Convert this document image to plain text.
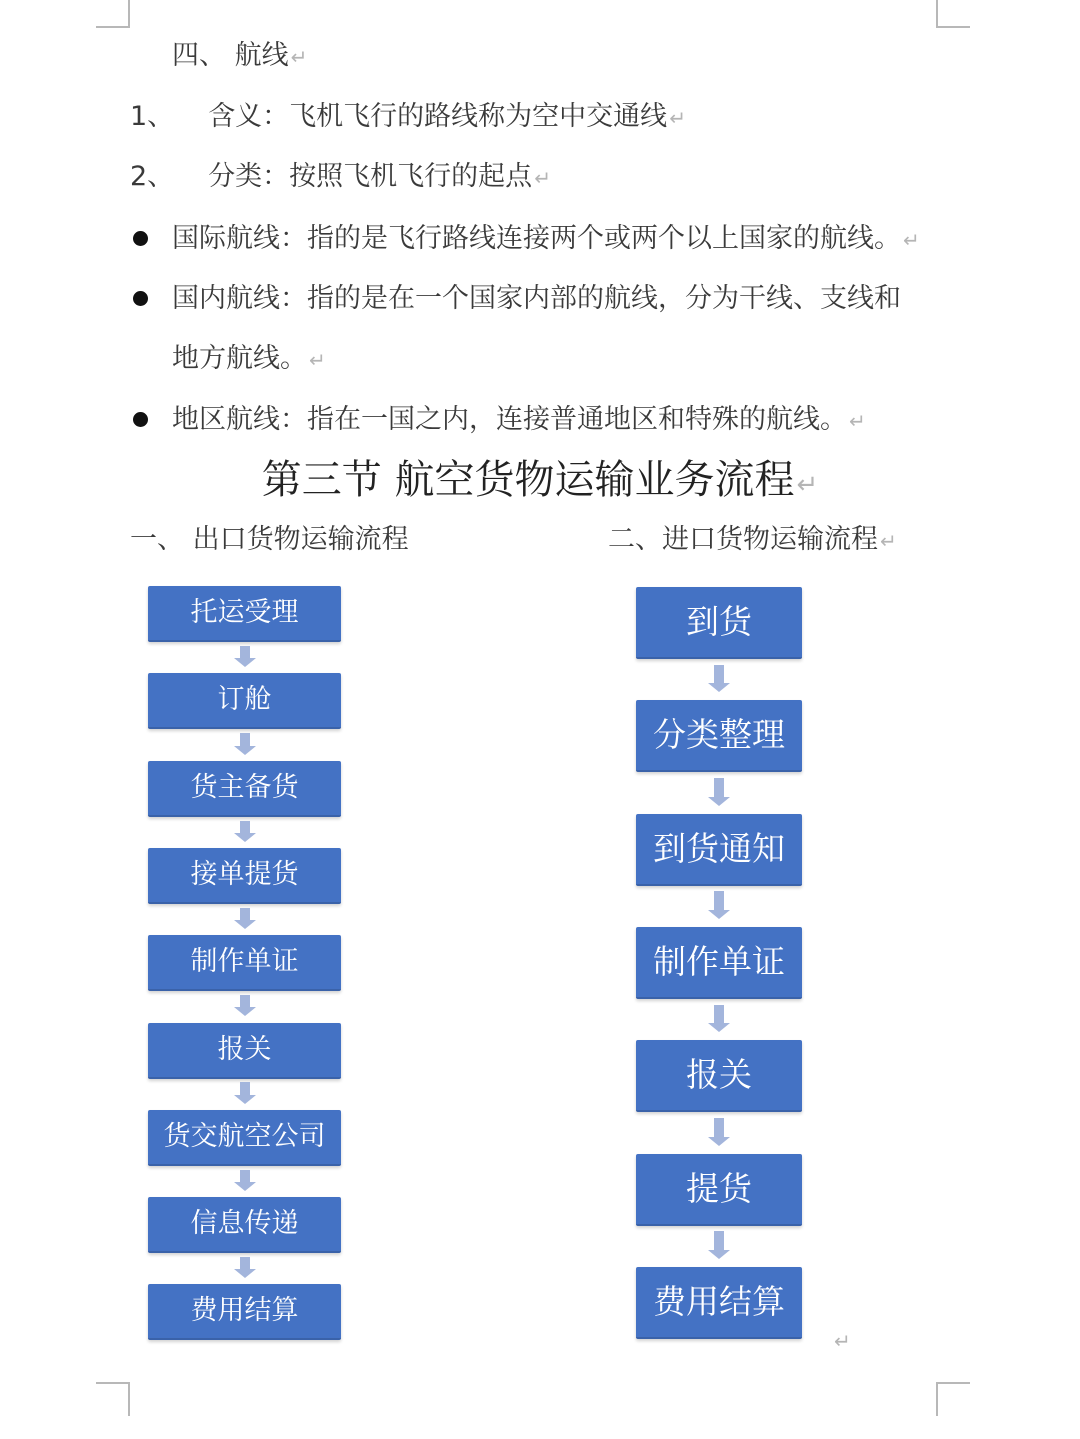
四、 航线 ↵
1、 含义：飞机飞行的路线称为空中交通线 ↵
2、 分类：按照飞机飞行的起点 ↵
国际航线：指的是飞行路线连接两个或两个以上国家的航线。 ↵
国内航线：指的是在一个国家内部的航线，分为干线、支线和
地方航线。 ↵
地区航线：指在一国之内，连接普通地区和特殊的航线。 ↵
第三节 航空货物运输业务流程↵
一、 出口货物运输流程	二、进口货物运输流程 ↵
托运受理
订舱
货主备货
接单提货
制作单证
报关
货交航空公司
信息传递
费用结算
到货
分类整理
到货通知
制作单证
报关
提货
费用结算
↵
